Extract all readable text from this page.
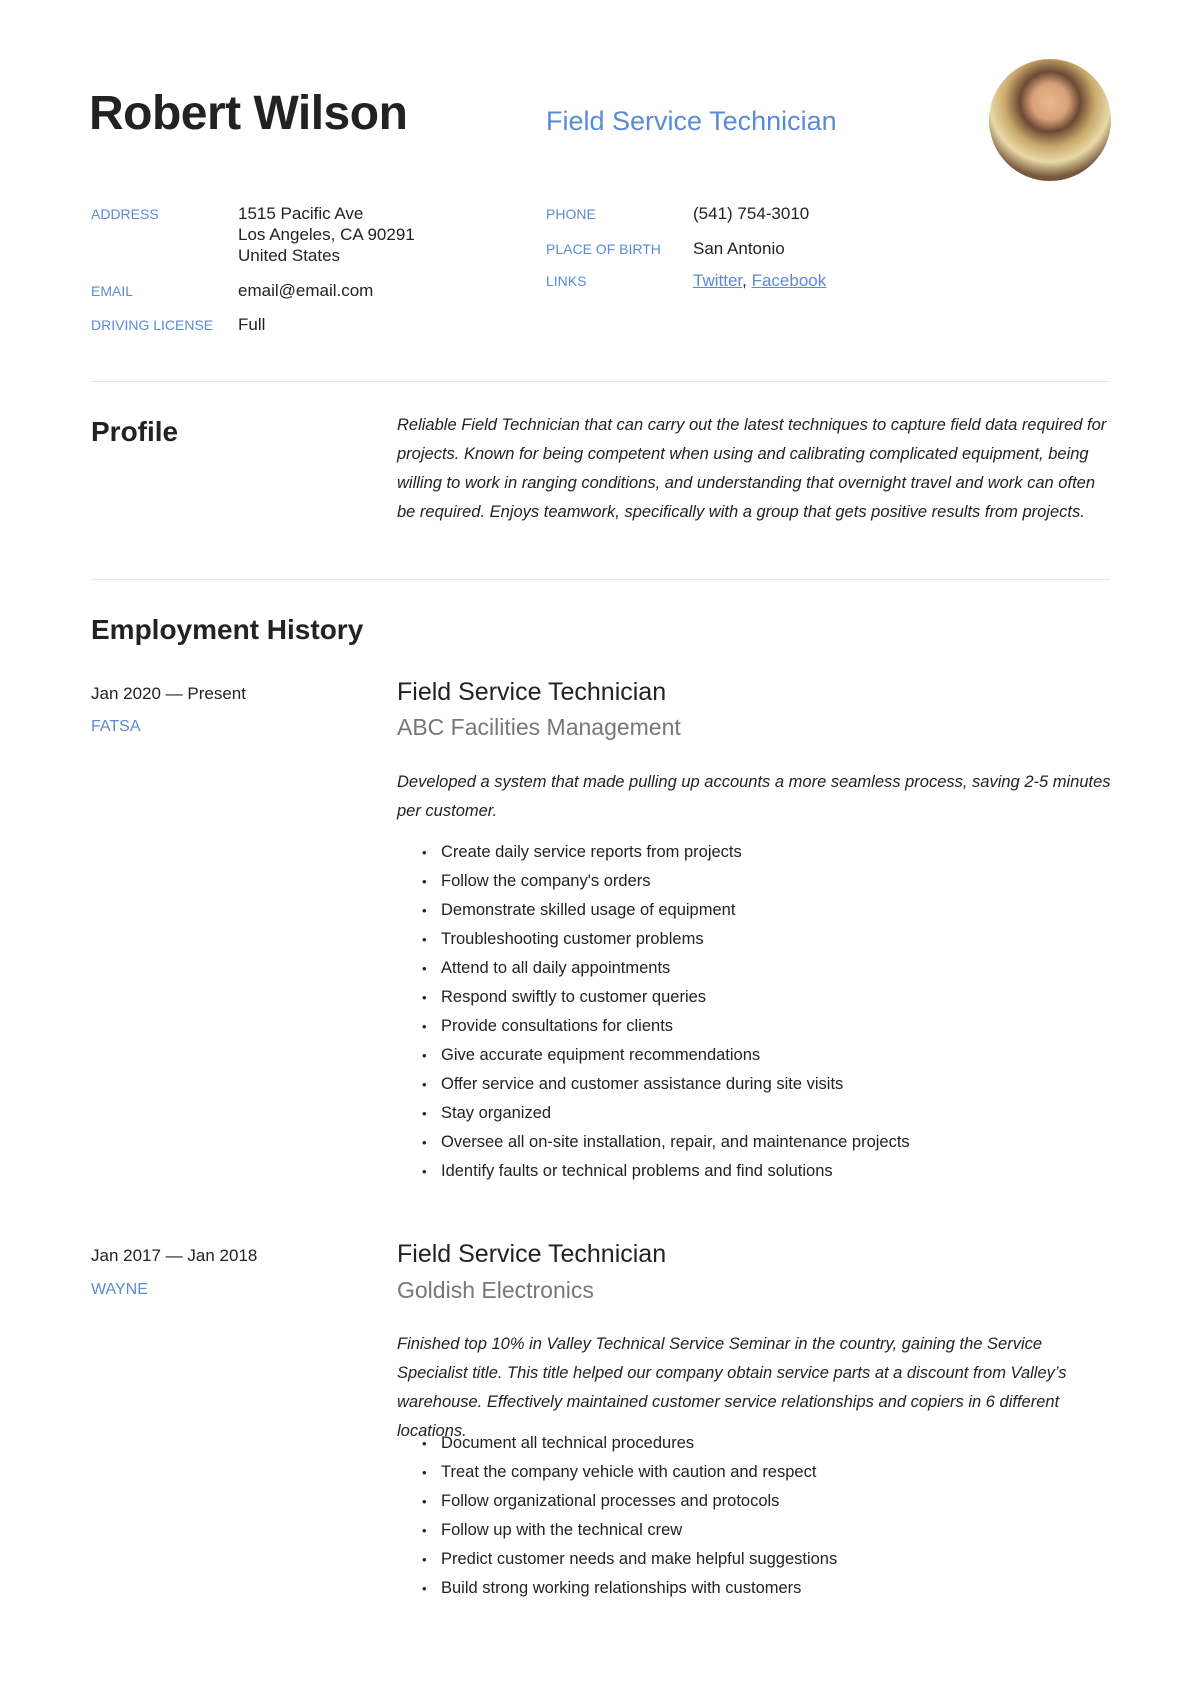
Robert Wilson	Field Service Technician
ADDRESS	1515 Pacific Ave
Los Angeles, CA 90291
United States
EMAIL	email@email.com
DRIVING LICENSE Full
PHONE	(541) 754-3010
PLACE OF BIRTH San Antonio
LINKS	Twitter, Facebook
Profile	Reliable Field Technician that can carry out the latest techniques to capture field data required for projects. Known for being competent when using and calibrating complicated equipment, being willing to work in ranging conditions, and understanding that overnight travel and work can often be required. Enjoys teamwork, specifically with a group that gets positive results from projects.
Employment History
Jan 2020 — Present
FATSA
Field Service Technician
ABC Facilities Management
Developed a system that made pulling up accounts a more seamless process, saving 2-5 minutes per customer.
• Create daily service reports from projects
• Follow the company's orders
• Demonstrate skilled usage of equipment
• Troubleshooting customer problems
• Attend to all daily appointments
• Respond swiftly to customer queries
• Provide consultations for clients
• Give accurate equipment recommendations
• Offer service and customer assistance during site visits
• Stay organized
• Oversee all on-site installation, repair, and maintenance projects
• Identify faults or technical problems and find solutions
Jan 2017 — Jan 2018
WAYNE
Field Service Technician
Goldish Electronics
Finished top 10% in Valley Technical Service Seminar in the country, gaining the Service Specialist title. This title helped our company obtain service parts at a discount from Valley’s warehouse. Effectively maintained customer service relationships and copiers in 6 different locations.
• Document all technical procedures
• Treat the company vehicle with caution and respect
• Follow organizational processes and protocols
• Follow up with the technical crew
• Predict customer needs and make helpful suggestions
• Build strong working relationships with customers
